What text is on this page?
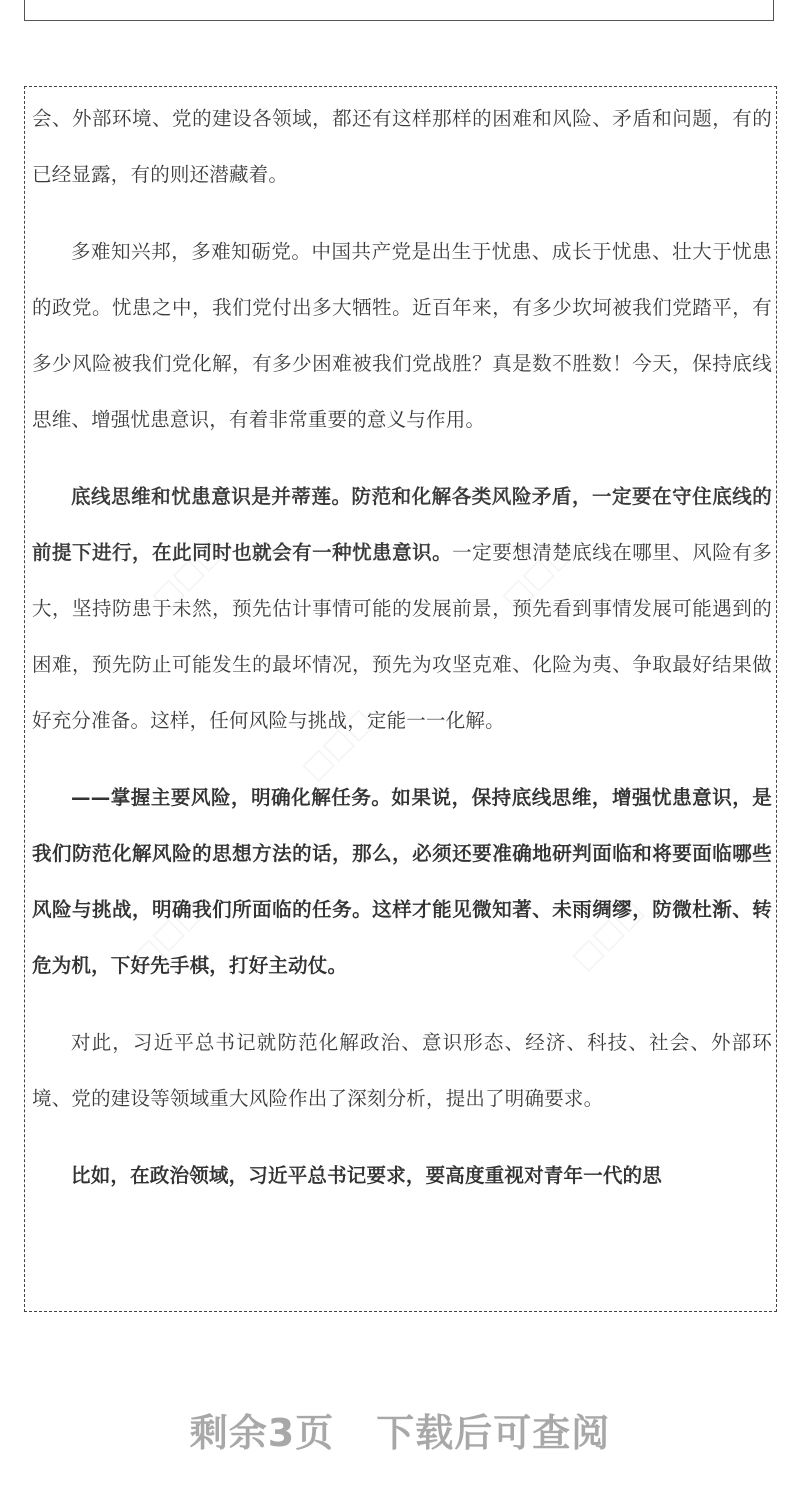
会、外部环境、党的建设各领域，都还有这样那样的困难和风险、矛盾和问题，有的已经显露，有的则还潜藏着。

多难知兴邦，多难知砺党。中国共产党是出生于忧患、成长于忧患、壮大于忧患的政党。忧患之中，我们党付出多大牺牲。近百年来，有多少坎坷被我们党踏平，有多少风险被我们党化解，有多少困难被我们党战胜？真是数不胜数！今天，保持底线思维、增强忧患意识，有着非常重要的意义与作用。

底线思维和忧患意识是并蒂莲。防范和化解各类风险矛盾，一定要在守住底线的前提下进行，在此同时也就会有一种忧患意识。一定要想清楚底线在哪里、风险有多大，坚持防患于未然，预先估计事情可能的发展前景，预先看到事情发展可能遇到的困难，预先防止可能发生的最坏情况，预先为攻坚克难、化险为夷、争取最好结果做好充分准备。这样，任何风险与挑战，定能一一化解。

——掌握主要风险，明确化解任务。如果说，保持底线思维，增强忧患意识，是我们防范化解风险的思想方法的话，那么，必须还要准确地研判面临和将要面临哪些风险与挑战，明确我们所面临的任务。这样才能见微知著、未雨绸缪，防微杜渐、转危为机，下好先手棋，打好主动仗。

对此，习近平总书记就防范化解政治、意识形态、经济、科技、社会、外部环境、党的建设等领域重大风险作出了深刻分析，提出了明确要求。

比如，在政治领域，习近平总书记要求，要高度重视对青年一代的思

剩余3页 下载后可查阅
